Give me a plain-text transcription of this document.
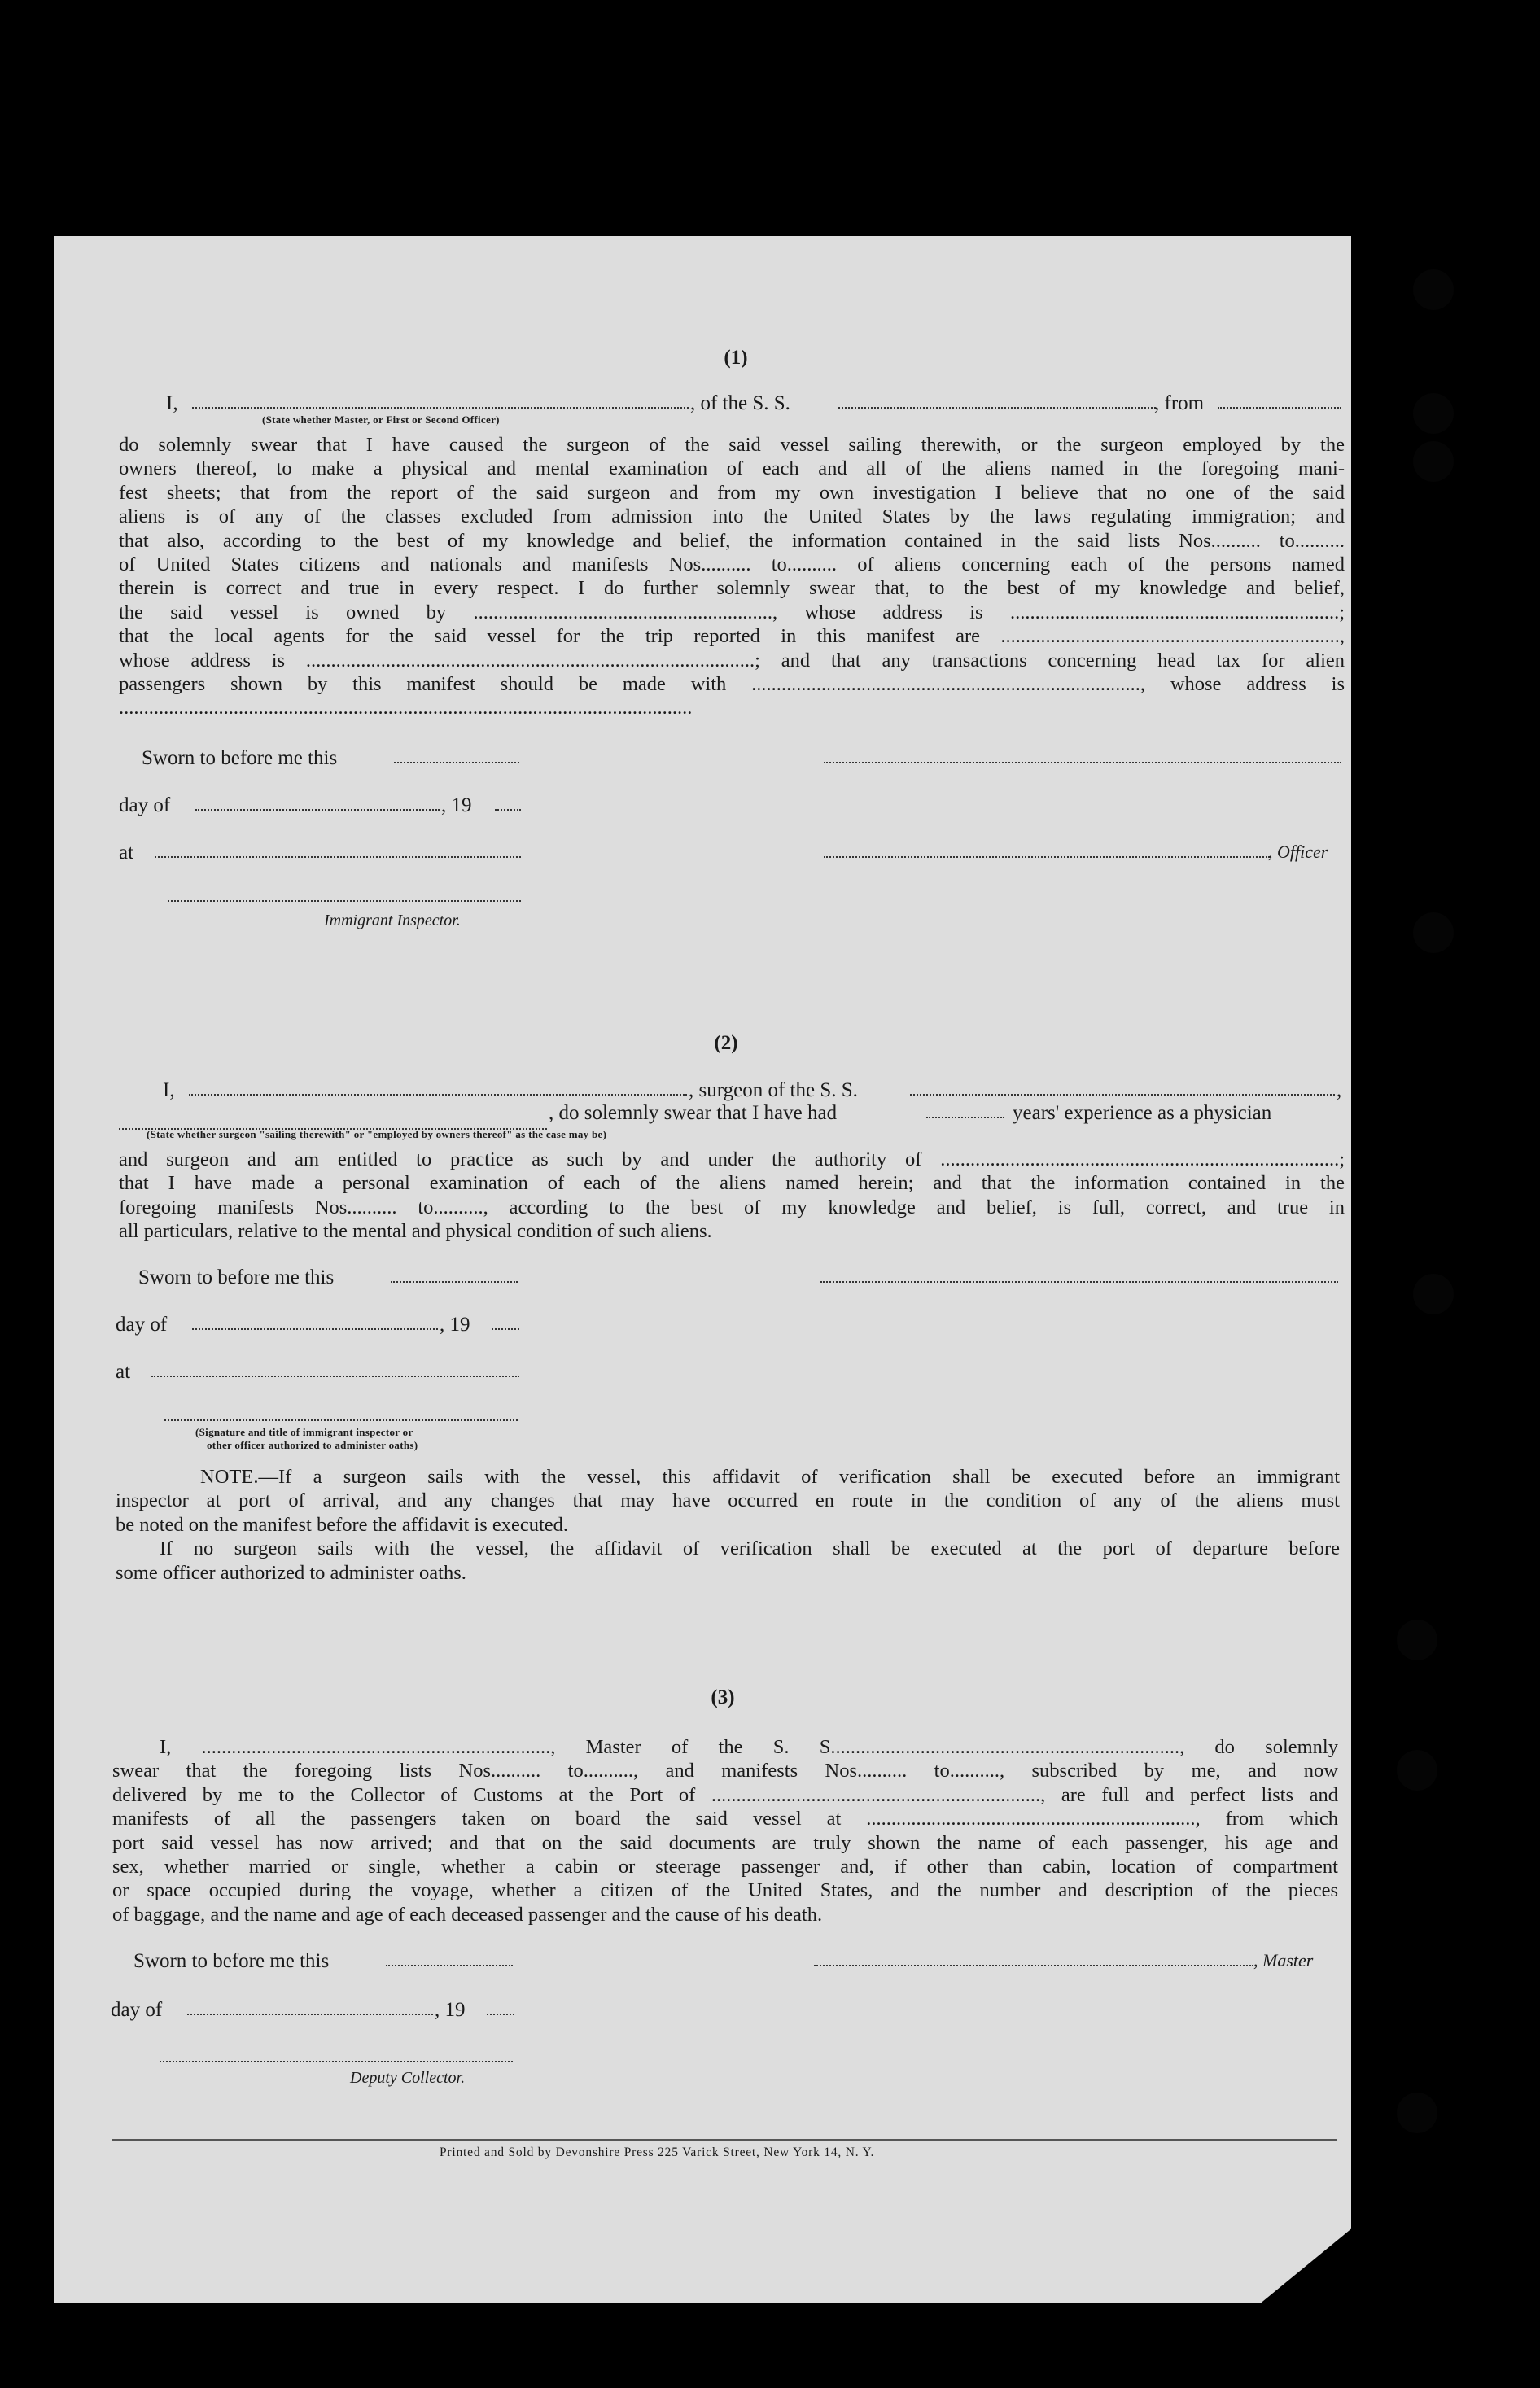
(1)
I,	, of the S. S.	, from
(State whether Master, or First or Second Officer)
do solemnly swear that I have caused the surgeon of the said vessel sailing therewith, or the surgeon employed by the
owners thereof, to make a physical and mental examination of each and all of the aliens named in the foregoing mani-
fest sheets; that from the report of the said surgeon and from my own investigation I believe that no one of the said
aliens is of any of the classes excluded from admission into the United States by the laws regulating immigration; and
that also, according to the best of my knowledge and belief, the information contained in the said lists Nos.......... to..........
of United States citizens and nationals and manifests Nos.......... to.......... of aliens concerning each of the persons named
therein is correct and true in every respect. I do further solemnly swear that, to the best of my knowledge and belief,
the said vessel is owned by ............................................................, whose address is ..................................................................;
that the local agents for the said vessel for the trip reported in this manifest are ....................................................................,
whose address is ..........................................................................................; and that any transactions concerning head tax for alien
passengers shown by this manifest should be made with .............................................................................., whose address is
...................................................................................................................
Sworn to before me this
day of	, 19
at	, Officer
Immigrant Inspector.
(2)
I,	, surgeon of the S. S.	,
, do solemnly swear that I have had	years' experience as a physician
(State whether surgeon "sailing therewith" or "employed by owners thereof" as the case may be)
and surgeon and am entitled to practice as such by and under the authority of ................................................................................;
that I have made a personal examination of each of the aliens named herein; and that the information contained in the
foregoing manifests Nos.......... to.........., according to the best of my knowledge and belief, is full, correct, and true in
all particulars, relative to the mental and physical condition of such aliens.
Sworn to before me this
day of	, 19
at
(Signature and title of immigrant inspector or
other officer authorized to administer oaths)
NOTE.—If a surgeon sails with the vessel, this affidavit of verification shall be executed before an immigrant
inspector at port of arrival, and any changes that may have occurred en route in the condition of any of the aliens must
be noted on the manifest before the affidavit is executed.
If no surgeon sails with the vessel, the affidavit of verification shall be executed at the port of departure before
some officer authorized to administer oaths.
(3)
I, ......................................................................, Master of the S. S......................................................................, do solemnly
swear that the foregoing lists Nos.......... to.........., and manifests Nos.......... to.........., subscribed by me, and now
delivered by me to the Collector of Customs at the Port of .................................................................., are full and perfect lists and
manifests of all the passengers taken on board the said vessel at .................................................................., from which
port said vessel has now arrived; and that on the said documents are truly shown the name of each passenger, his age and
sex, whether married or single, whether a cabin or steerage passenger and, if other than cabin, location of compartment
or space occupied during the voyage, whether a citizen of the United States, and the number and description of the pieces
of baggage, and the name and age of each deceased passenger and the cause of his death.
Sworn to before me this	, Master
day of	, 19
Deputy Collector.
Printed and Sold by Devonshire Press 225 Varick Street, New York 14, N. Y.
